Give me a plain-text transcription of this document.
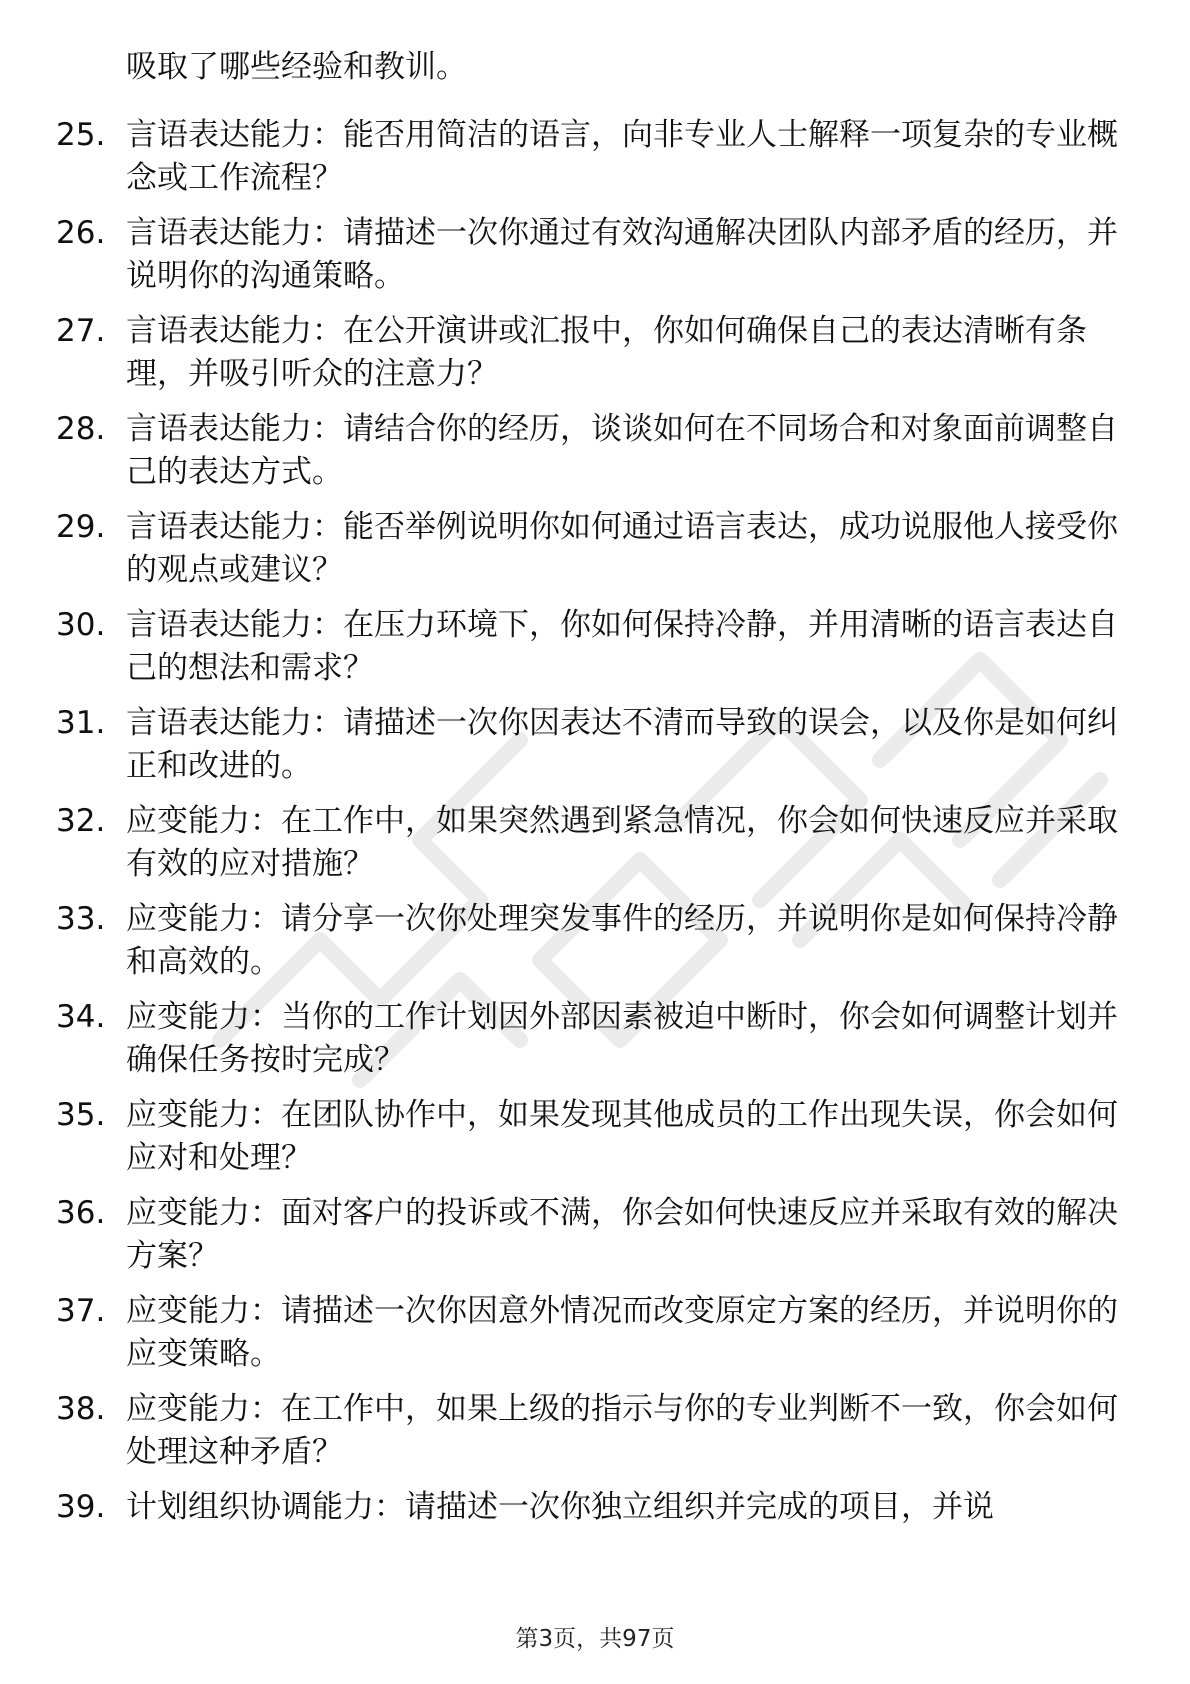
吸取了哪些经验和教训。

25. 言语表达能力：能否用简洁的语言，向非专业人士解释一项复杂的专业概念或工作流程？
26. 言语表达能力：请描述一次你通过有效沟通解决团队内部矛盾的经历，并说明你的沟通策略。
27. 言语表达能力：在公开演讲或汇报中，你如何确保自己的表达清晰有条理，并吸引听众的注意力？
28. 言语表达能力：请结合你的经历，谈谈如何在不同场合和对象面前调整自己的表达方式。
29. 言语表达能力：能否举例说明你如何通过语言表达，成功说服他人接受你的观点或建议？
30. 言语表达能力：在压力环境下，你如何保持冷静，并用清晰的语言表达自己的想法和需求？
31. 言语表达能力：请描述一次你因表达不清而导致的误会，以及你是如何纠正和改进的。
32. 应变能力：在工作中，如果突然遇到紧急情况，你会如何快速反应并采取有效的应对措施？
33. 应变能力：请分享一次你处理突发事件的经历，并说明你是如何保持冷静和高效的。
34. 应变能力：当你的工作计划因外部因素被迫中断时，你会如何调整计划并确保任务按时完成？
35. 应变能力：在团队协作中，如果发现其他成员的工作出现失误，你会如何应对和处理？
36. 应变能力：面对客户的投诉或不满，你会如何快速反应并采取有效的解决方案？
37. 应变能力：请描述一次你因意外情况而改变原定方案的经历，并说明你的应变策略。
38. 应变能力：在工作中，如果上级的指示与你的专业判断不一致，你会如何处理这种矛盾？
39. 计划组织协调能力：请描述一次你独立组织并完成的项目，并说
第3页，共97页
